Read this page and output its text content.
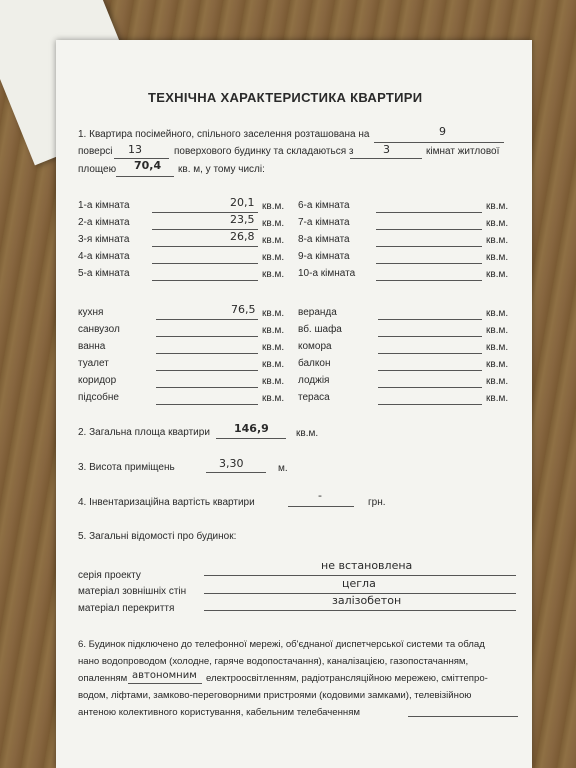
ТЕХНІЧНА ХАРАКТЕРИСТИКА КВАРТИРИ
1. Квартира посімейного, спільного заселення розташована на	9
поверсі 13	поверхового будинку та складаються з	3	кімнат житлової
площею 70,4 кв. м, у тому числі:
1-а кімната	20,1 кв.м.
2-а кімната	23,5 кв.м.
3-я кімната	26,8 кв.м.
4-а кімната	кв.м.
5-а кімната	кв.м.
6-а кімната	кв.м.
7-а кімната	кв.м.
8-а кімната	кв.м.
9-а кімната	кв.м.
10-а кімната	кв.м.
кухня	76,5 кв.м.
санвузол	кв.м.
ванна	кв.м.
туалет	кв.м.
коридор	кв.м.
підсобне	кв.м.
веранда	кв.м.
вб. шафа	кв.м.
комора	кв.м.
балкон	кв.м.
лоджія	кв.м.
тераса	кв.м.
2. Загальна площа квартири 146,9	кв.м.
3. Висота приміщень	3,30	м.
4. Інвентаризаційна вартість квартири
-
грн.
5. Загальні відомості про будинок:
серія проекту
не встановлена
матеріал зовнішніх стін
цегла
матеріал перекриття
залізобетон
6. Будинок підключено до телефонної мережі, об'єднаної диспетчерської системи та облад
нано водопроводом (холодне, гаряче водопостачання), каналізацією, газопостачанням,
опаленням автономним електроосвітленням, радіотрансляційною мережею, сміттепро-
водом, ліфтами, замково-переговорними пристроями (кодовими замками), телевізійною
антеною колективного користування, кабельним телебаченням
